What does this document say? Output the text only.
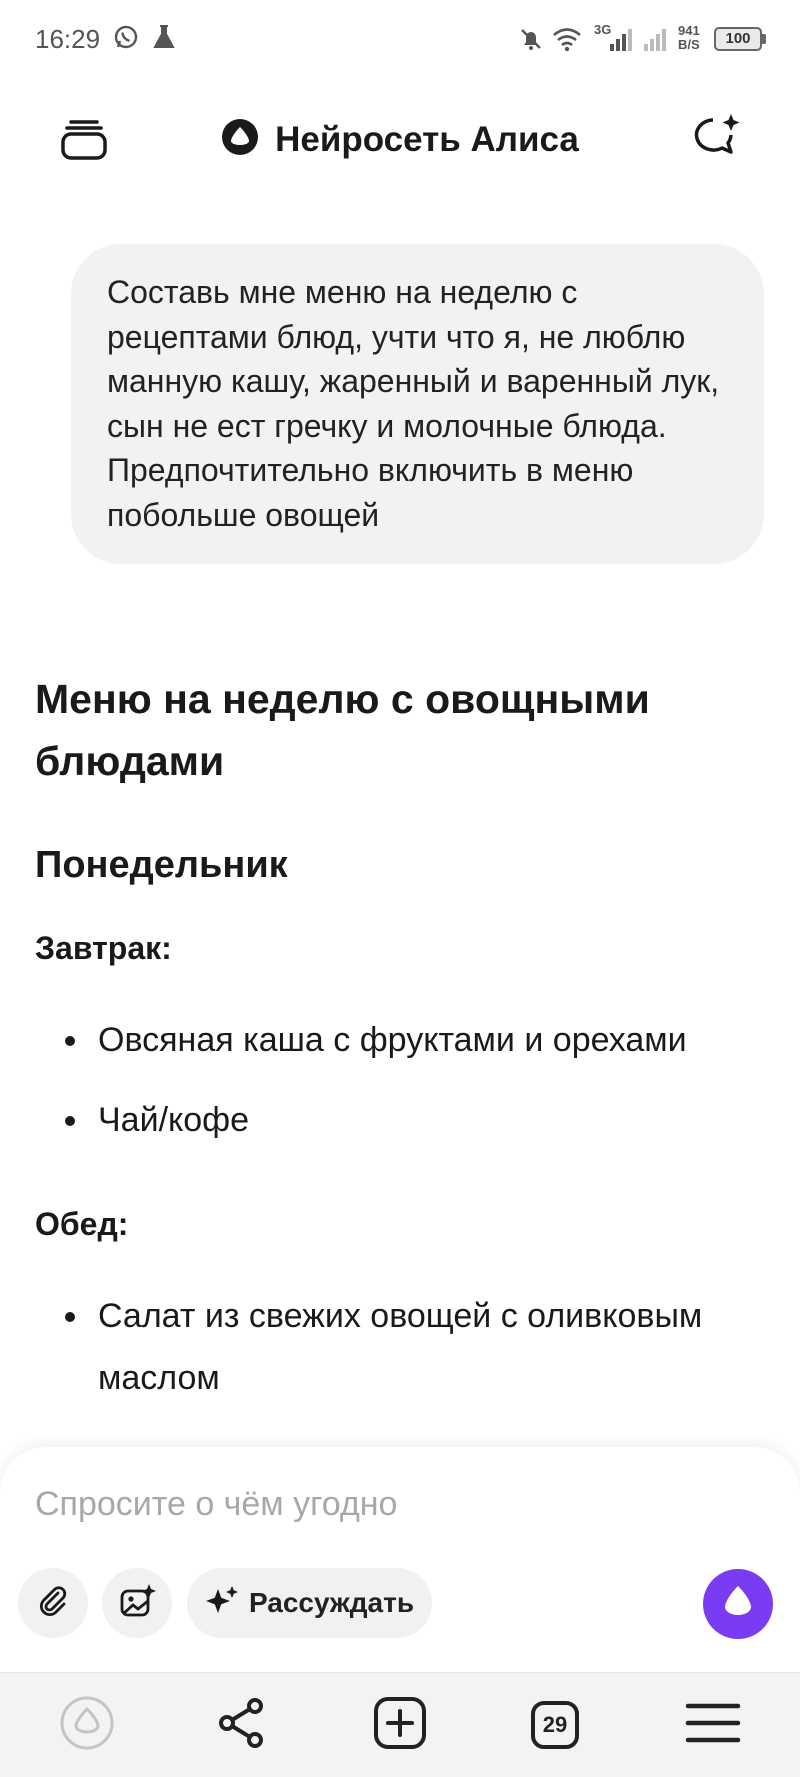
16:29	3G	941
B/S	100
Нейросеть Алиса
Составь мне меню на неделю с рецептами блюд, учти что я, не люблю манную кашу, жаренный и варенный лук, сын не ест гречку и молочные блюда. Предпочтительно включить в меню побольше овощей
Меню на неделю с овощными блюдами
Понедельник
Завтрак:
Овсяная каша с фруктами и орехами
Чай/кофе
Обед:
Салат из свежих овощей с оливковым маслом
Спросите о чём угодно
Рассуждать
29
